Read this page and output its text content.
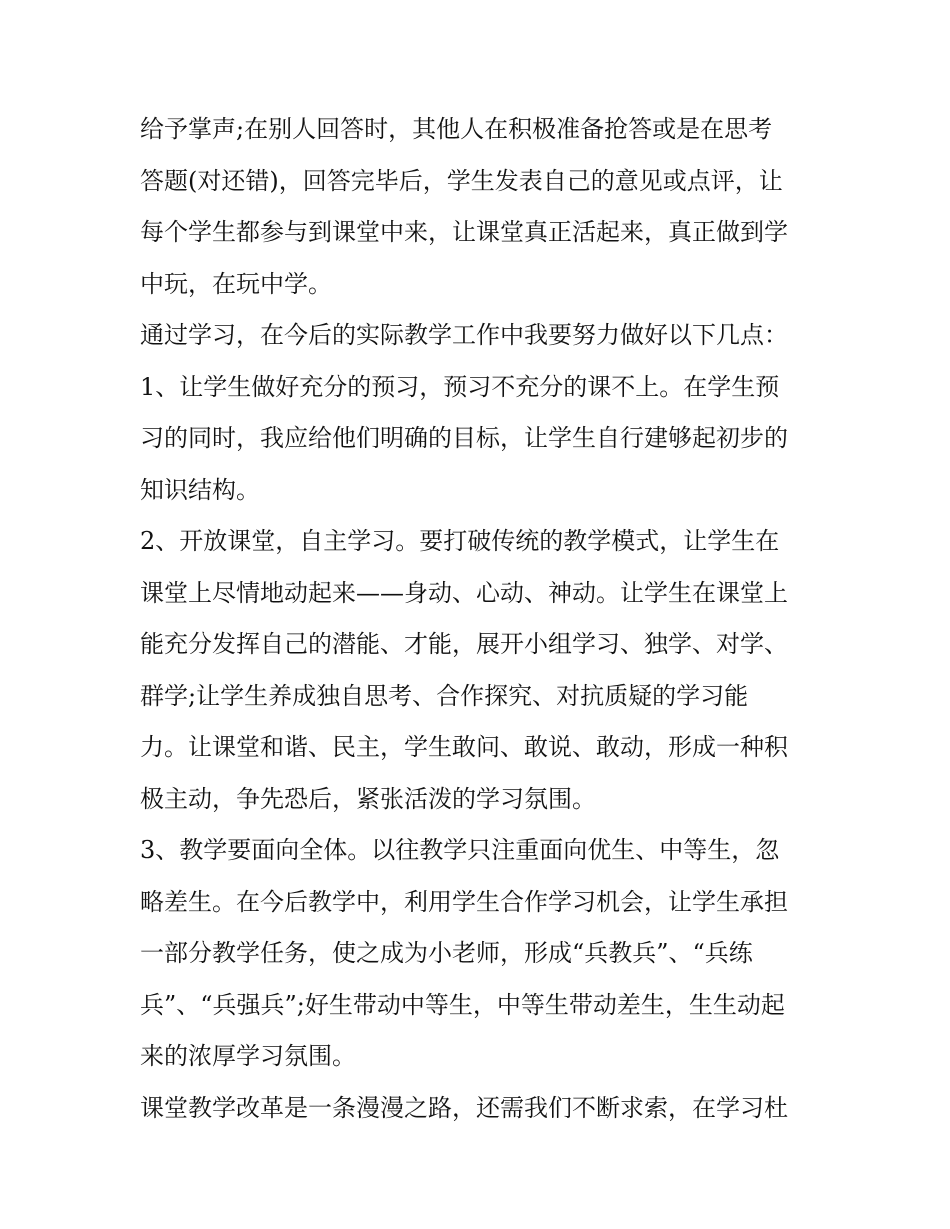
给予掌声;在别人回答时，其他人在积极准备抢答或是在思考
答题(对还错)，回答完毕后，学生发表自己的意见或点评，让
每个学生都参与到课堂中来，让课堂真正活起来，真正做到学
中玩，在玩中学。
通过学习，在今后的实际教学工作中我要努力做好以下几点：
1、让学生做好充分的预习，预习不充分的课不上。在学生预
习的同时，我应给他们明确的目标，让学生自行建够起初步的
知识结构。
2、开放课堂，自主学习。要打破传统的教学模式，让学生在
课堂上尽情地动起来——身动、心动、神动。让学生在课堂上
能充分发挥自己的潜能、才能，展开小组学习、独学、对学、
群学;让学生养成独自思考、合作探究、对抗质疑的学习能
力。让课堂和谐、民主，学生敢问、敢说、敢动，形成一种积
极主动，争先恐后，紧张活泼的学习氛围。
3、教学要面向全体。以往教学只注重面向优生、中等生，忽
略差生。在今后教学中，利用学生合作学习机会，让学生承担
一部分教学任务，使之成为小老师，形成“兵教兵”、“兵练
兵”、“兵强兵”;好生带动中等生，中等生带动差生，生生动起
来的浓厚学习氛围。
课堂教学改革是一条漫漫之路，还需我们不断求索，在学习杜
